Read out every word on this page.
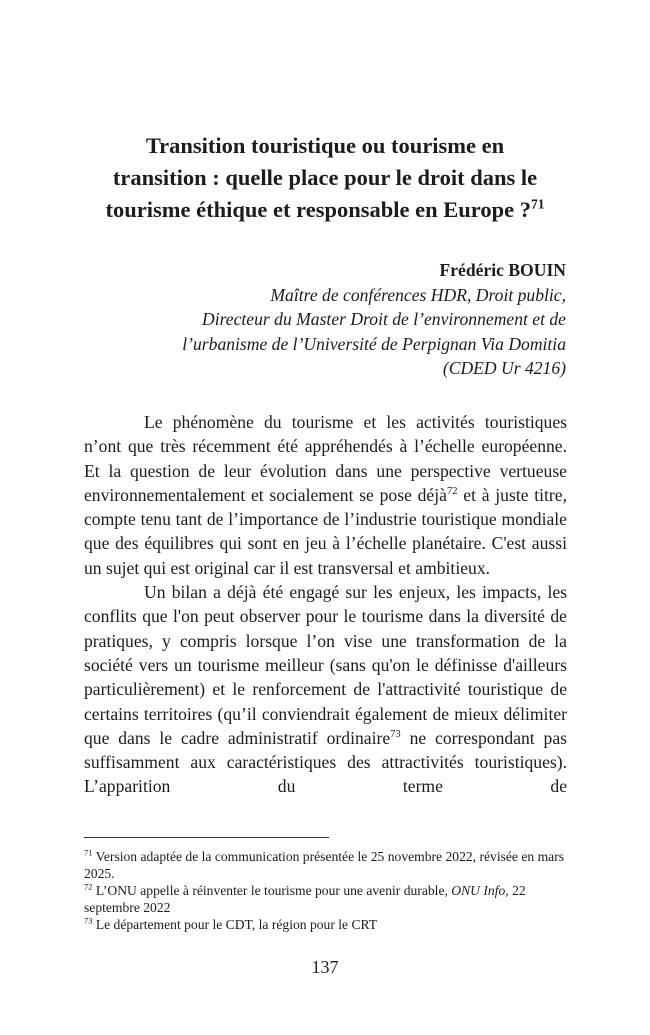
Transition touristique ou tourisme en
transition : quelle place pour le droit dans le
tourisme éthique et responsable en Europe ?$^{71}$
Frédéric BOUIN
Maître de conférences HDR, Droit public,
Directeur du Master Droit de l’environnement et de
l’urbanisme de l’Université de Perpignan Via Domitia
(CDED Ur 4216)

Le phénomène du tourisme et les activités touristiques n’ont que très récemment été appréhendés à l’échelle européenne. Et la question de leur évolution dans une perspective vertueuse environnementalement et socialement se pose déjà$^{72}$ et à juste titre, compte tenu tant de l’importance de l’industrie touristique mondiale que des équilibres qui sont en jeu à l’échelle planétaire. C'est aussi un sujet qui est original car il est transversal et ambitieux.

Un bilan a déjà été engagé sur les enjeux, les impacts, les conflits que l'on peut observer pour le tourisme dans la diversité de pratiques, y compris lorsque l’on vise une transformation de la société vers un tourisme meilleur (sans qu'on le définisse d'ailleurs particulièrement) et le renforcement de l'attractivité touristique de certains territoires (qu’il conviendrait également de mieux délimiter que dans le cadre administratif ordinaire$^{73}$ ne correspondant pas suffisamment aux caractéristiques des attractivités touristiques). L’apparition du terme de

$^{71}$ Version adaptée de la communication présentée le 25 novembre 2022, révisée en mars 2025.
$^{72}$ L’ONU appelle à réinventer le tourisme pour une avenir durable, ONU Info, 22 septembre 2022
$^{73}$ Le département pour le CDT, la région pour le CRT
137
